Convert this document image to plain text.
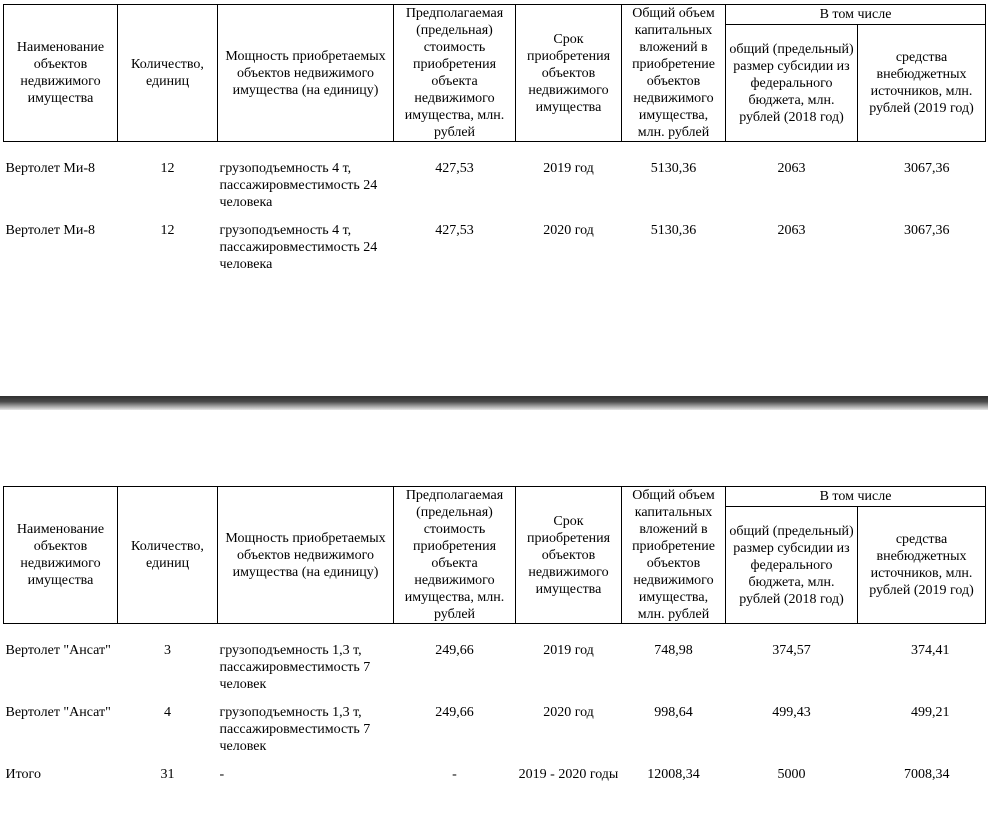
Наименование объектов недвижимого имущества	Количество, единиц	Мощность приобретаемых объектов недвижимого имущества (на единицу)	Предполагаемая (предельная) стоимость приобретения объекта недвижимого имущества, млн. рублей	Срок приобретения объектов недвижимого имущества	Общий объем капитальных вложений в приобретение объектов недвижимого имущества, млн. рублей	В том числе	
						общий (предельный) размер субсидии из федерального бюджета, млн. рублей (2018 год)	средства внебюджетных источников, млн. рублей (2019 год)

Вертолет Ми-8	12	грузоподъемность 4 т, пассажировместимость 24 человека	427,53	2019 год	5130,36	2063	3067,36
Вертолет Ми-8	12	грузоподъемность 4 т, пассажировместимость 24 человека	427,53	2020 год	5130,36	2063	3067,36
Наименование объектов недвижимого имущества	Количество, единиц	Мощность приобретаемых объектов недвижимого имущества (на единицу)	Предполагаемая (предельная) стоимость приобретения объекта недвижимого имущества, млн. рублей	Срок приобретения объектов недвижимого имущества	Общий объем капитальных вложений в приобретение объектов недвижимого имущества, млн. рублей	В том числе	
						общий (предельный) размер субсидии из федерального бюджета, млн. рублей (2018 год)	средства внебюджетных источников, млн. рублей (2019 год)

Вертолет "Ансат"	3	грузоподъемность 1,3 т, пассажировместимость 7 человек	249,66	2019 год	748,98	374,57	374,41
Вертолет "Ансат"	4	грузоподъемность 1,3 т, пассажировместимость 7 человек	249,66	2020 год	998,64	499,43	499,21
Итого	31	-	-	2019 - 2020 годы	12008,34	5000	7008,34
